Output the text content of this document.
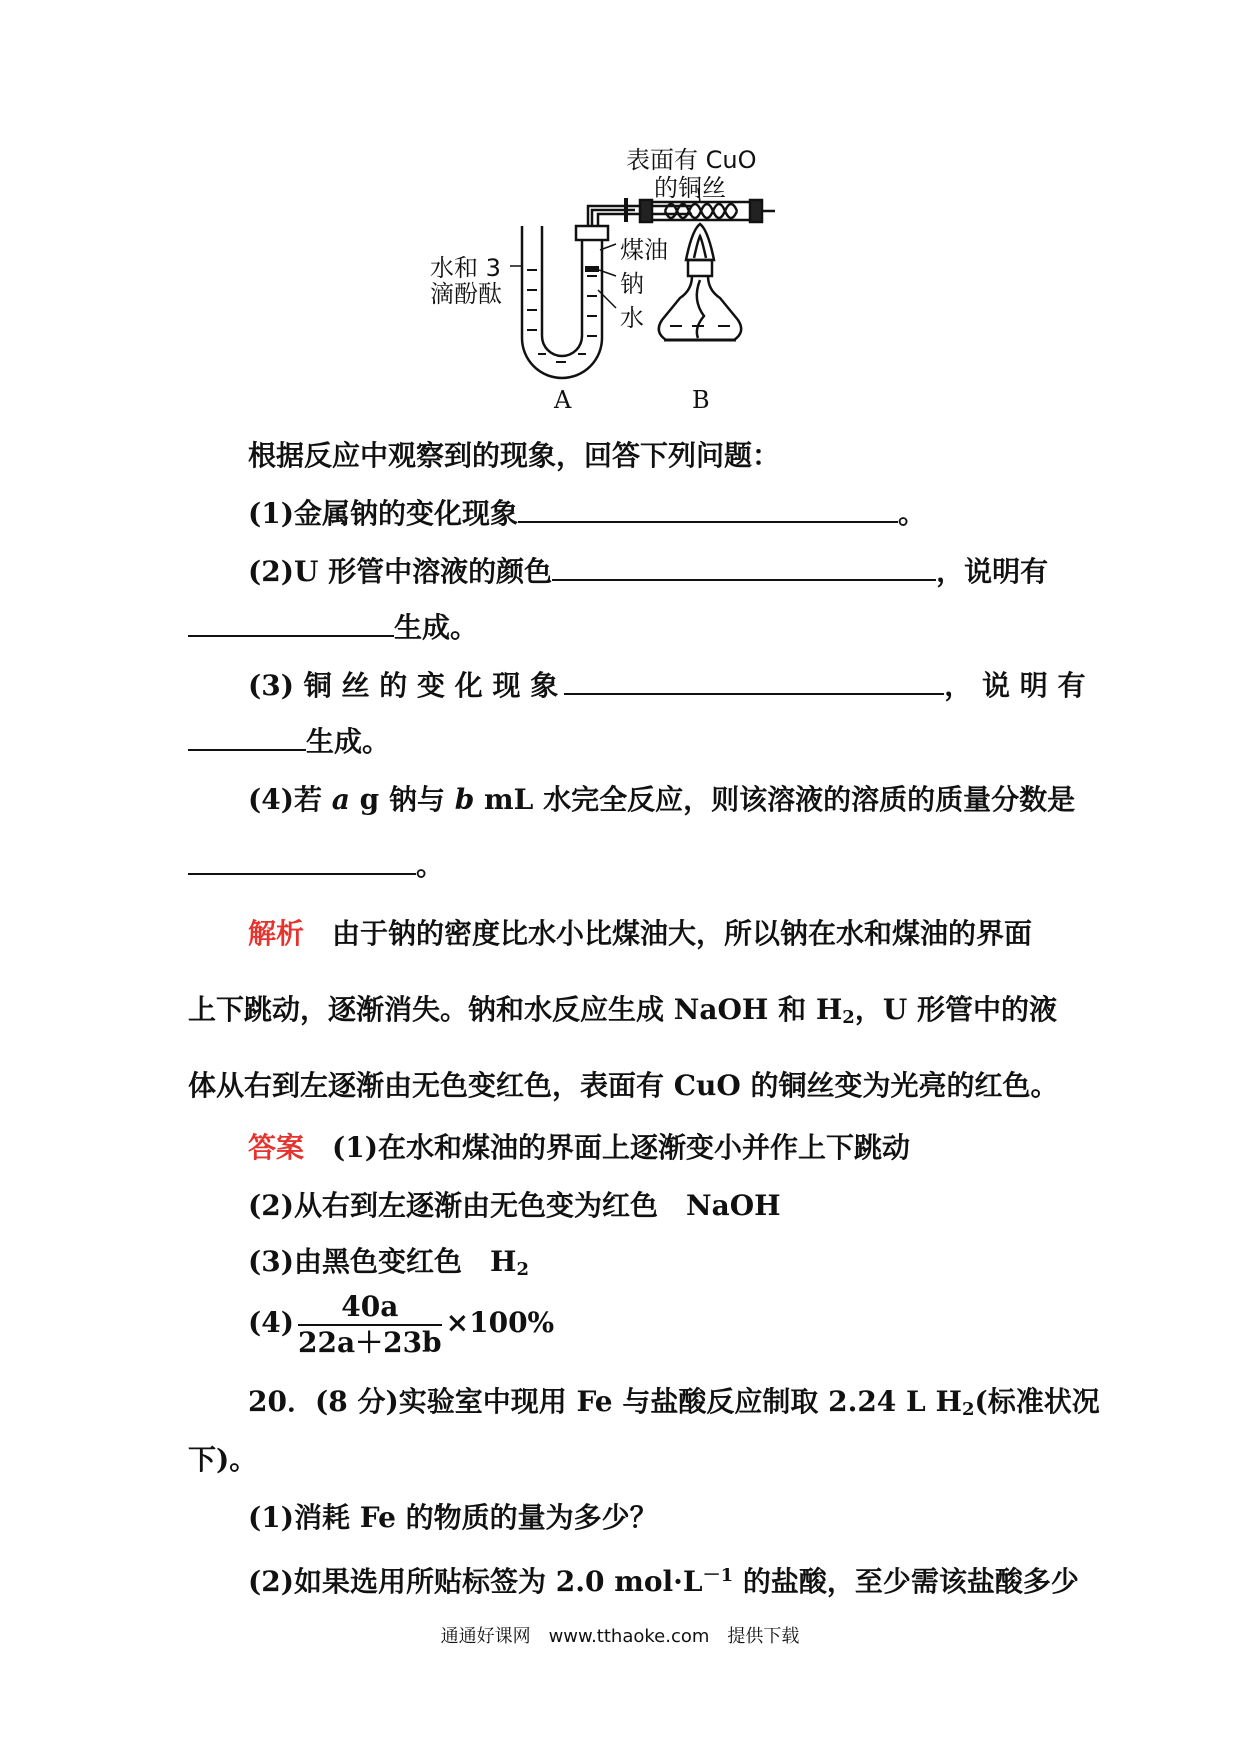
表面有 CuO
的铜丝
水和 3
滴酚酞
煤油
钠
水
A	B
根据反应中观察到的现象，回答下列问题：
(1)金属钠的变化现象	。
(2)U 形管中溶液的颜色	，说明有
生成。
(3) 铜 丝 的 变 化 现 象	， 说 明 有
生成。
(4)若 a g 钠与 b mL 水完全反应，则该溶液的溶质的质量分数是
。
解析 由于钠的密度比水小比煤油大，所以钠在水和煤油的界面
上下跳动，逐渐消失。钠和水反应生成 NaOH 和 $H_2$，U 形管中的液
体从右到左逐渐由无色变红色，表面有 CuO 的铜丝变为光亮的红色。
答案 (1)在水和煤油的界面上逐渐变小并作上下跳动
(2)从右到左逐渐由无色变为红色　NaOH
(3)由黑色变红色　$H_2$
$(4) \frac{40a}{22a+23b} \times 100\%$
20．(8 分)实验室中现用 Fe 与盐酸反应制取 2.24 L $H_2$(标准状况
下)。
(1)消耗 Fe 的物质的量为多少？
(2)如果选用所贴标签为 2.0 $mol\cdot L^{-1}$ 的盐酸，至少需该盐酸多少
通通好课网　www.tthaoke.com　提供下载
